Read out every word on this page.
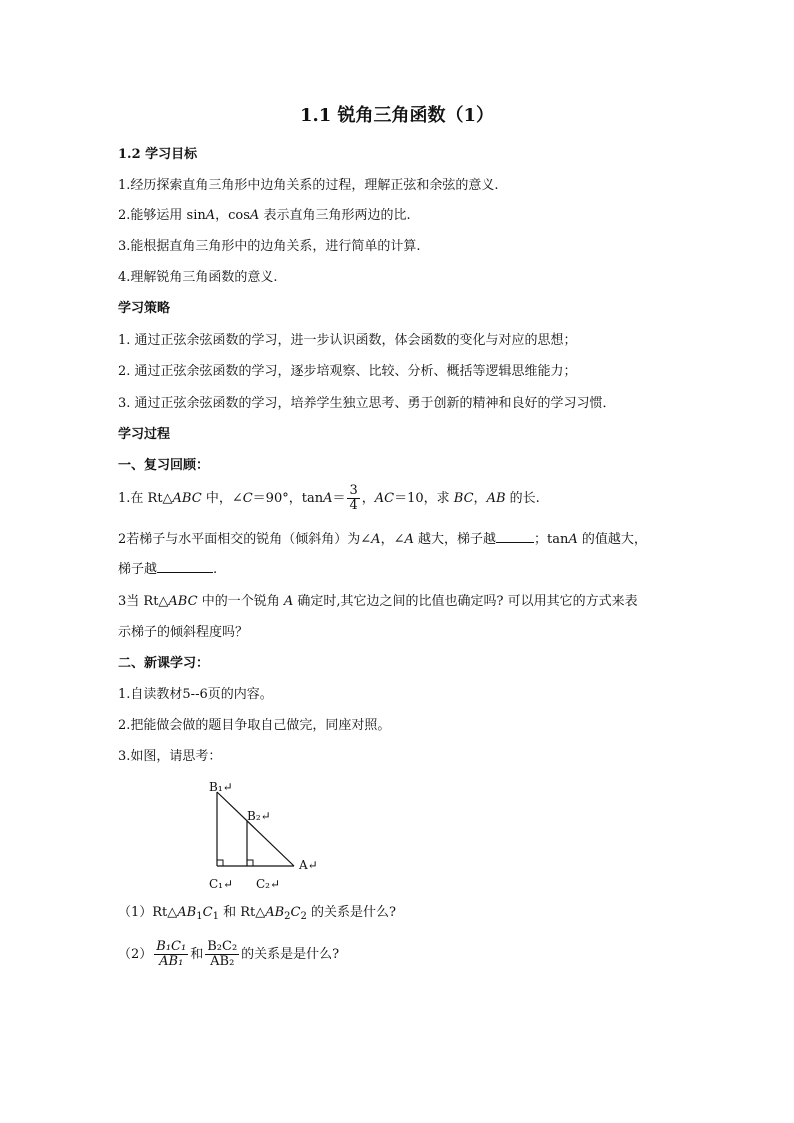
1.1 锐角三角函数（1）
1.2 学习目标
1.经历探索直角三角形中边角关系的过程，理解正弦和余弦的意义.
2.能够运用 sinA，cosA 表示直角三角形两边的比.
3.能根据直角三角形中的边角关系，进行简单的计算.
4.理解锐角三角函数的意义.
学习策略
1. 通过正弦余弦函数的学习，进一步认识函数，体会函数的变化与对应的思想；
2. 通过正弦余弦函数的学习，逐步培观察、比较、分析、概括等逻辑思维能力；
3. 通过正弦余弦函数的学习，培养学生独立思考、勇于创新的精神和良好的学习习惯．
学习过程
一、复习回顾：
1.在 Rt△ABC 中，∠C＝90°，$\tan A= \frac{3}{4}$ ，AC＝10，求 BC，AB 的长.
2若梯子与水平面相交的锐角（倾斜角）为∠A，∠A 越大，梯子越	；tanA 的值越大，
梯子越	.
3当 Rt△ABC 中的一个锐角 A 确定时,其它边之间的比值也确定吗? 可以用其它的方式来表
示梯子的倾斜程度吗？
二、新课学习：
1.自读教材5--6页的内容。
2.把能做会做的题目争取自己做完，同座对照。
3.如图，请思考：
B₁↵
B₂↵
A↵
C₁↵ C₂↵
$(1)Rt\triangle AB_1C_1$ 和 $Rt\triangle AB_2C_2$ 的关系是什么?
$(2) \frac{\text{B₁C₁}}{\text{AB₁}}$ 和 $\frac{\text{B₂C₂}}{\text{AB₂}}$ 的关系是是什么?
